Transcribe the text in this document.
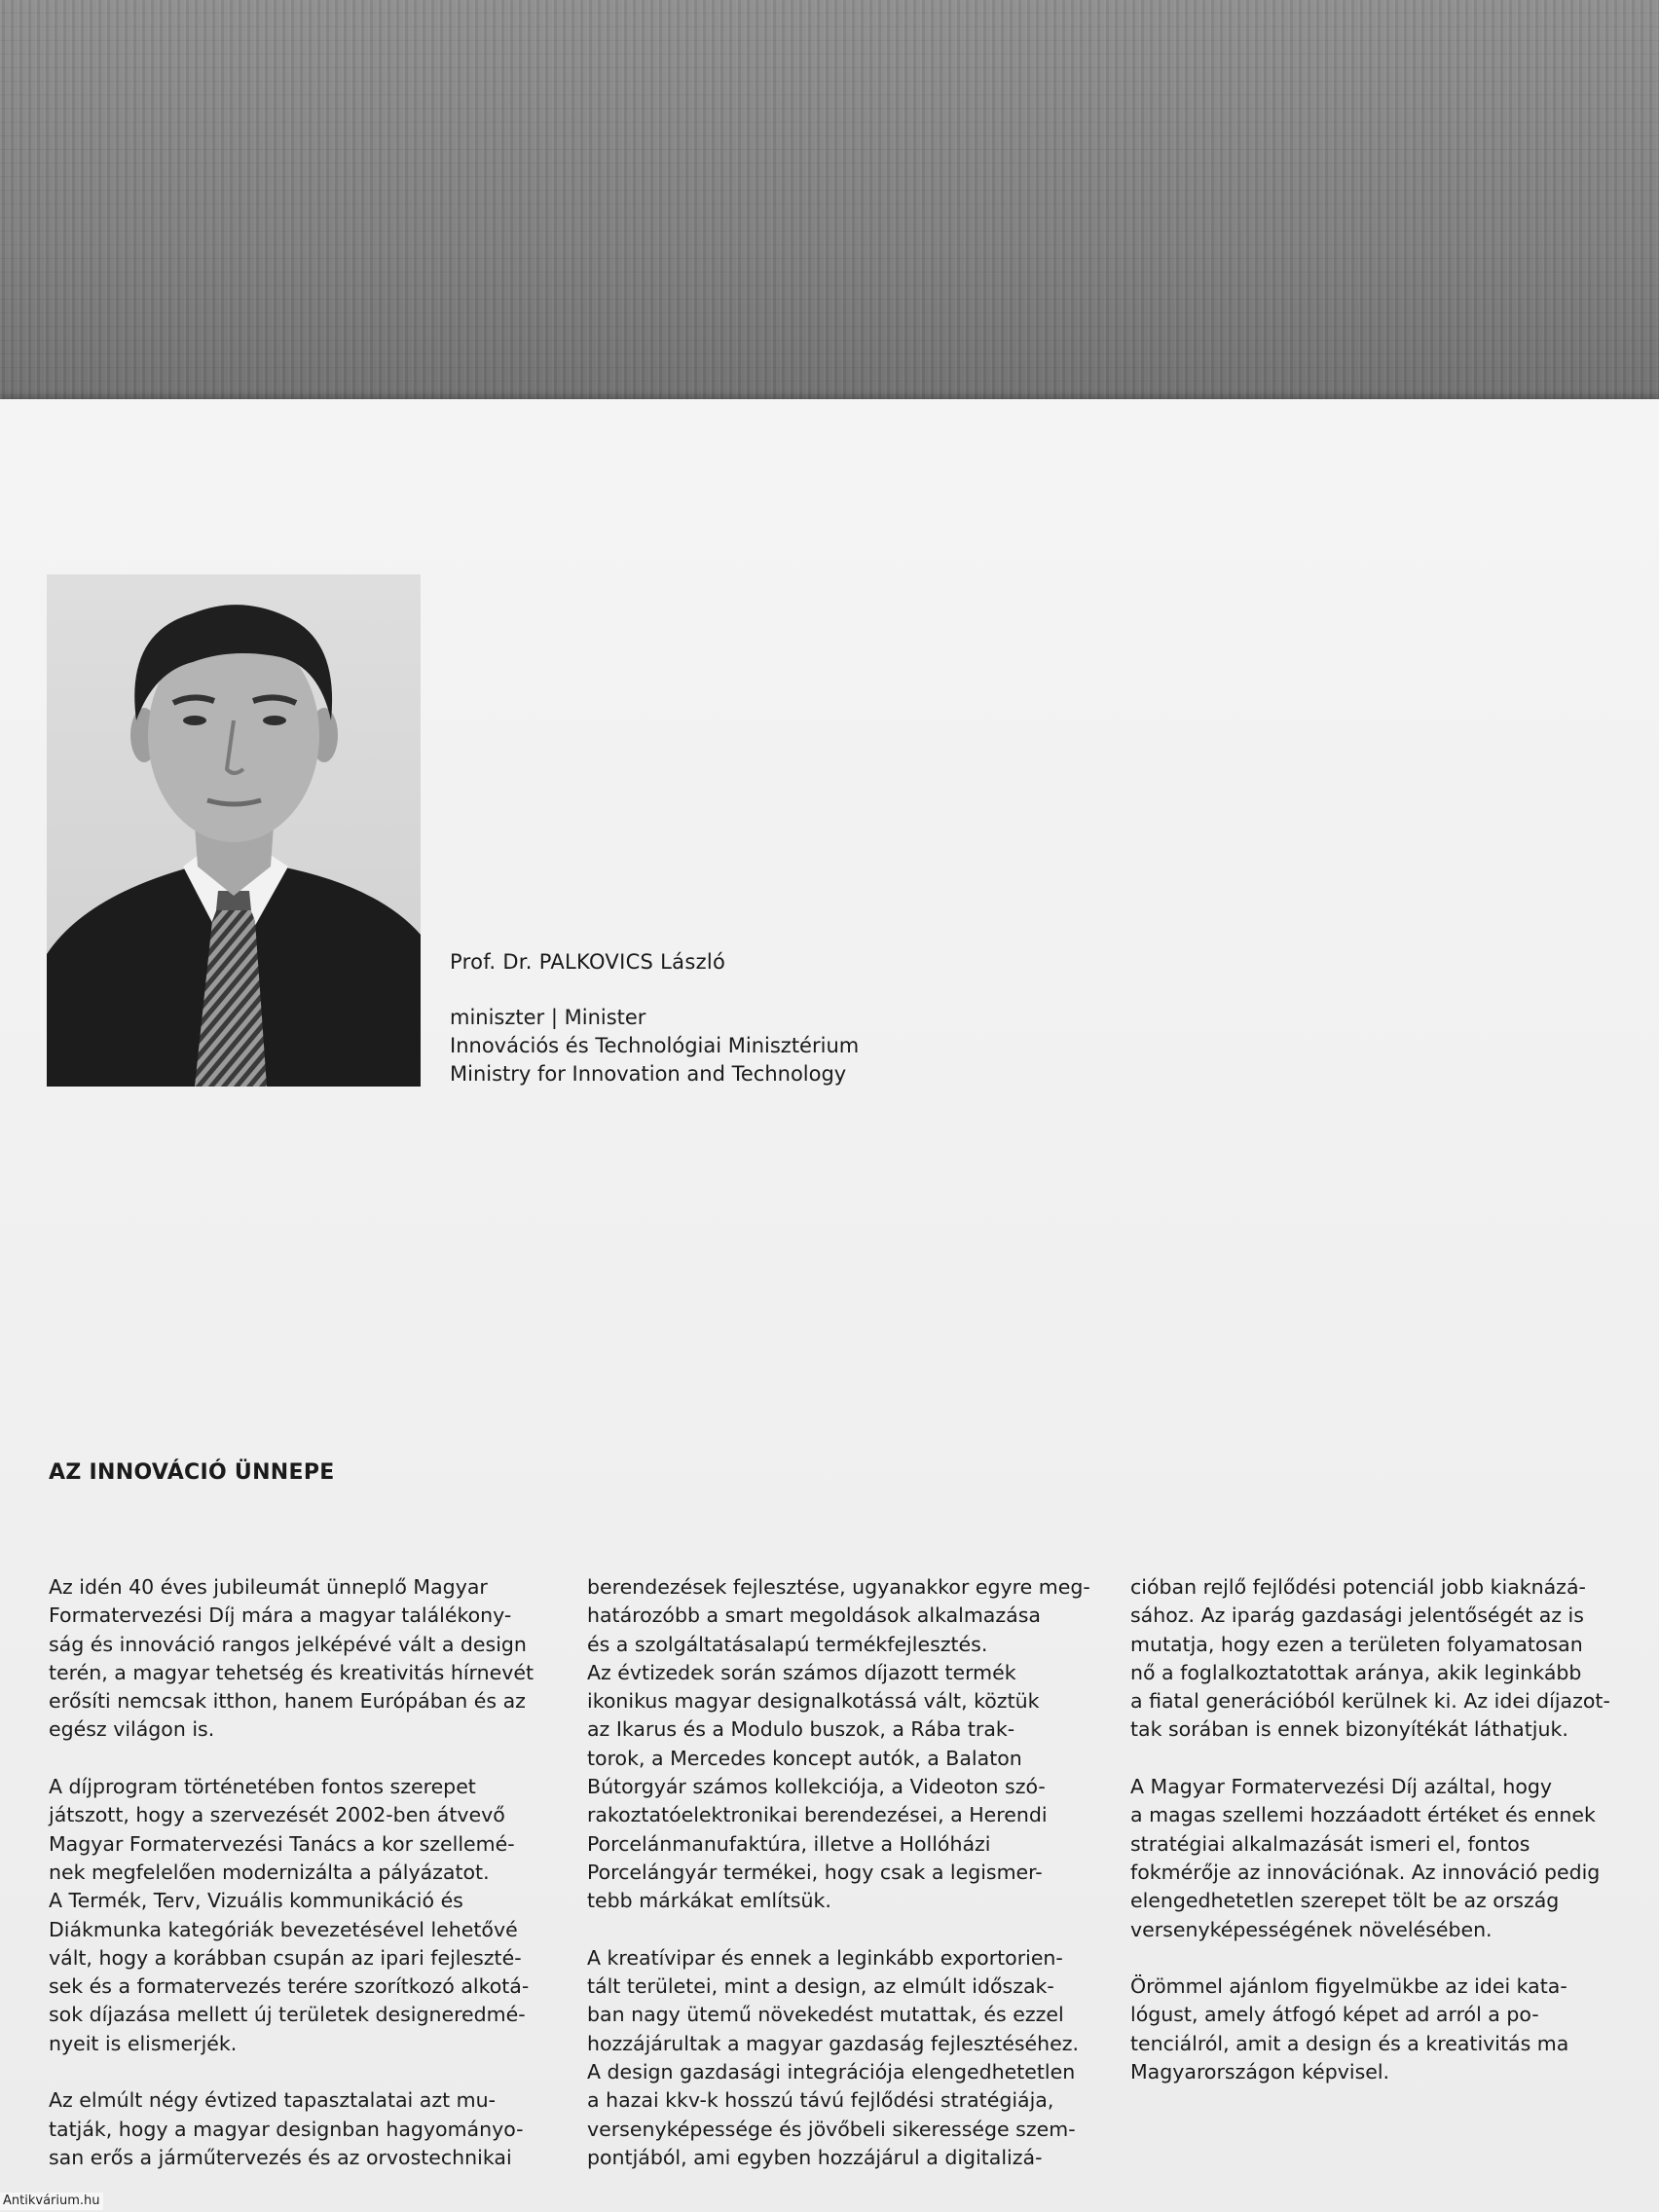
Prof. Dr. PALKOVICS László
miniszter | Minister
Innovációs és Technológiai Minisztérium
Ministry for Innovation and Technology
AZ INNOVÁCIÓ ÜNNEPE

Az idén 40 éves jubileumát ünneplő Magyar
Formatervezési Díj mára a magyar találékony-
ság és innováció rangos jelképévé vált a design
terén, a magyar tehetség és kreativitás hírnevét
erősíti nemcsak itthon, hanem Európában és az
egész világon is.

A díjprogram történetében fontos szerepet
játszott, hogy a szervezését 2002-ben átvevő
Magyar Formatervezési Tanács a kor szellemé-
nek megfelelően modernizálta a pályázatot.
A Termék, Terv, Vizuális kommunikáció és
Diákmunka kategóriák bevezetésével lehetővé
vált, hogy a korábban csupán az ipari fejleszté-
sek és a formatervezés terére szorítkozó alkotá-
sok díjazása mellett új területek designeredmé-
nyeit is elismerjék.

Az elmúlt négy évtized tapasztalatai azt mu-
tatják, hogy a magyar designban hagyományo-
san erős a járműtervezés és az orvostechnikai

berendezések fejlesztése, ugyanakkor egyre meg-
határozóbb a smart megoldások alkalmazása
és a szolgáltatásalapú termékfejlesztés.
Az évtizedek során számos díjazott termék
ikonikus magyar designalkotássá vált, köztük
az Ikarus és a Modulo buszok, a Rába trak-
torok, a Mercedes koncept autók, a Balaton
Bútorgyár számos kollekciója, a Videoton szó-
rakoztatóelektronikai berendezései, a Herendi
Porcelánmanufaktúra, illetve a Hollóházi
Porcelángyár termékei, hogy csak a legismer-
tebb márkákat említsük.

A kreatívipar és ennek a leginkább exportorien-
tált területei, mint a design, az elmúlt időszak-
ban nagy ütemű növekedést mutattak, és ezzel
hozzájárultak a magyar gazdaság fejlesztéséhez.
A design gazdasági integrációja elengedhetetlen
a hazai kkv-k hosszú távú fejlődési stratégiája,
versenyképessége és jövőbeli sikeressége szem-
pontjából, ami egyben hozzájárul a digitalizá-

cióban rejlő fejlődési potenciál jobb kiaknázá-
sához. Az iparág gazdasági jelentőségét az is
mutatja, hogy ezen a területen folyamatosan
nő a foglalkoztatottak aránya, akik leginkább
a fiatal generációból kerülnek ki. Az idei díjazot-
tak sorában is ennek bizonyítékát láthatjuk.

A Magyar Formatervezési Díj azáltal, hogy
a magas szellemi hozzáadott értéket és ennek
stratégiai alkalmazását ismeri el, fontos
fokmérője az innovációnak. Az innováció pedig
elengedhetetlen szerepet tölt be az ország
versenyképességének növelésében.

Örömmel ajánlom figyelmükbe az idei kata-
lógust, amely átfogó képet ad arról a po-
tenciálról, amit a design és a kreativitás ma
Magyarországon képvisel.

Antikvárium.hu
